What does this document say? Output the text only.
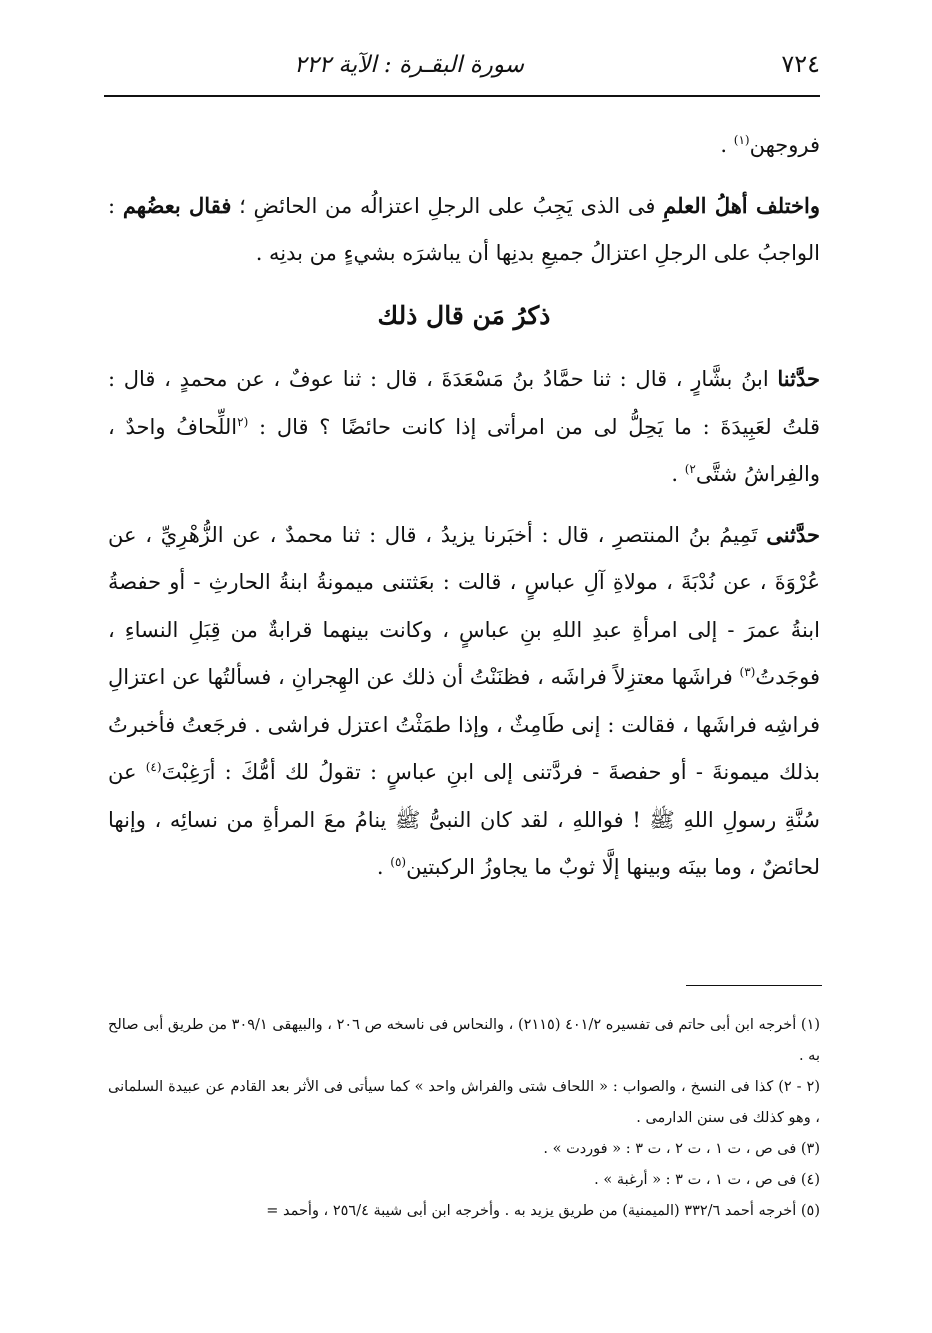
٧٢٤
سورة البقـرة : الآية ٢٢٢

فروجهن$^{(١)}$ .

واختلف أهلُ العلمِ فى الذى يَجِبُ على الرجلِ اعتزالُه من الحائضِ ؛ فقال بعضُهم : الواجبُ على الرجلِ اعتزالُ جميعِ بدنِها أن يباشرَه بشيءٍ من بدنِه .

ذكرُ مَن قال ذلك

حدَّثنا ابنُ بشَّارٍ ، قال : ثنا حمَّادُ بنُ مَسْعَدَةَ ، قال : ثنا عوفٌ ، عن محمدٍ ، قال : قلتُ لعَبِيدَةَ : ما يَحِلُّ لى من امرأتى إذا كانت حائضًا ؟ قال : $^{(٢}$اللِّحافُ واحدٌ ، والفِراشُ شتَّى$^{٢)}$ .

حدَّثنى تَمِيمُ بنُ المنتصرِ ، قال : أخبَرنا يزيدُ ، قال : ثنا محمدٌ ، عن الزُّهْرِيِّ ، عن عُرْوَةَ ، عن نُدْبَةَ ، مولاةِ آلِ عباسٍ ، قالت : بعَثتنى ميمونةُ ابنةُ الحارثِ - أو حفصةُ ابنةُ عمرَ - إلى امرأةِ عبدِ اللهِ بنِ عباسٍ ، وكانت بينهما قرابةٌ من قِبَلِ النساءِ ، فوجَدتُ$^{(٣)}$ فراشَها معتزِلاً فراشَه ، فظنَنْتُ أن ذلك عن الهِجرانِ ، فسألتُها عن اعتزالِ فراشِه فراشَها ، فقالت : إنى طَامِثٌ ، وإذا طمَثْتُ اعتزل فراشى . فرجَعتُ فأخبرتُ بذلك ميمونةَ - أو حفصةَ - فردَّتنى إلى ابنِ عباسٍ : تقولُ لك أمُّكَ : أرَغِبْتَ$^{(٤)}$ عن سُنَّةِ رسولِ اللهِ ﷺ ! فواللهِ ، لقد كان النبىُّ ﷺ ينامُ معَ المرأةِ من نسائِه ، وإنها لحائضٌ ، وما بينَه وبينها إلَّا ثوبٌ ما يجاوزُ الركبتين$^{(٥)}$ .

(١) أخرجه ابن أبى حاتم فى تفسيره ٤٠١/٢ (٢١١٥) ، والنحاس فى ناسخه ص ٢٠٦ ، والبيهقى ٣٠٩/١ من طريق أبى صالح به .

(٢ - ٢) كذا فى النسخ ، والصواب : « اللحاف شتى والفراش واحد » كما سيأتى فى الأثر بعد القادم عن عبيدة السلمانى ، وهو كذلك فى سنن الدارمى .

(٣) فى ص ، ت ١ ، ت ٢ ، ت ٣ : « فوردت » .

(٤) فى ص ، ت ١ ، ت ٣ : « أرغبة » .

(٥) أخرجه أحمد ٣٣٢/٦ (الميمنية) من طريق يزيد به . وأخرجه ابن أبى شيبة ٢٥٦/٤ ، وأحمد =
